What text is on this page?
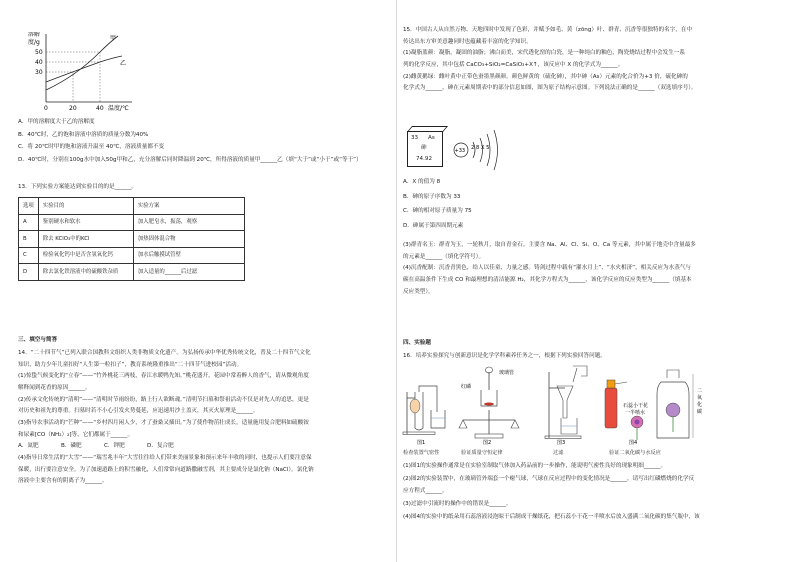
溶解
度/g
50
40
30
0	20	40 温度/℃
甲
乙
A．甲的溶解度大于乙的溶解度
B．40℃时，乙的饱和溶液中溶质的质量分数为40%
C．将 20℃时甲的饱和溶液升温至 40℃，溶液质量都不变
D．40℃时，分别在100g水中加入50g甲和乙，充分溶解后同时降温到 20℃，所得溶液的质量甲______乙（填“大于”或“小于”或“等于”）
13．下列实验方案能达到实验目的的是______。
选项	实验目的	实验方案
A	鉴别硬水和软水	加入肥皂水，振荡，观察
B	除去 KClO₃中的KCl	加热固体混合物
C	检验氧化钙中是否含氢氧化钙	加水后触摸试管壁
D	除去氯化铁溶液中的硫酸铁杂质	加入适量的______后过滤
三、填空与简答
14．“二十四节气”已列入联合国教科文组织人类非物质文化遗产。为弘扬传承中华优秀传统文化，普及二十四节气文化
知识，助力少年儿童扣好“人生第一粒扣子”，教育系统隆重推出“二十四节气进校园”活动。
(1)惊蛰气候变化的“立春”——“竹外桃花三两枝，春江水暖鸭先知。”桃花盛开，花园中常着醉人的香气，请从微观角度
解释闻到花香的原因______。
(2)传承文化传统的“清明”——“清明时节雨纷纷，路上行人欲断魂。”清明节扫墓和祭祖活动不仅是对先人的追思，更是
对历史和祖先的尊重。扫墓时若不小心引发火势蔓延，应迅速用沙土盖灭，其灭火原理是______。
(3)指导农事活动的“芒种”——“乡村四月闲人少，才了蚕桑又插田。”为了使作物茁壮成长，适量施用复合肥料如硫酸铵
和尿素[CO（NH₂）₂]等，它们都属于______。
A．氮肥　　　　B．磷肥　　　　C．钾肥　　　　D．复合肥
(4)指导日常生活的“大雪”——“瑞雪兆丰年”大雪往往给人们带来美丽景象和预示来年丰收的同时，也提示人们要注意保
保暖，出行要注意安全。为了加速道路上的积雪融化，人们常常向道路撒融雪剂，其主要成分是氯化钠（NaCl）。氯化钠
溶液中主要含有的阴离子为______。
15．中国古人从自然万物、天地四时中发现了色彩，并赋予如毛、黄（zōng）叶、群青、沉香等很独特的名字，在中
传达出东方审美意趣同时也蕴藏着丰富的化学知识。
(1)凝脂蓝颜：凝脂，凝固的油脂；沸白而美，宋代透化窑的白瓷，是一种纯白的釉色，陶瓷烧结过程中会发生一系
列的化学反应，其中包括 CaCO₃+SiO₂=CaSiO₃+X↑，该反应中 X 的化学式为______。
(2)雌黄鹅绿：雌叶黄中正带色蚕墨黑颜颜。颜色鲜黄的（硫化砷），其中砷（As）元素的化合价为+3 价，硫化砷的
化学式为______，砷在元素周期表中的部分信息如图，图为原子结构示意图。下列说法正确的是______（双选填序号）。
33 As
砷
74.92
+33 2 8 X 5
A．X 的值为 8
B．砷的原子序数为 33
C．砷的相对原子质量为 75
D．砷属于第四周期元素
(3)群青名玉：群青为玉，一轮秋月，取自青金石。主要含 Na、Al、Cl、Si、O、Ca 等元素，其中属于地壳中含量最多
的元素是______（填化学符号）。
(4)沉香配制：沉香青黑色，给人以佳童、力量之感。铸剑过程中载有“灌水月上”、“水火相济”，相关反应为水蒸气与
碳在高温条件下生成 CO 和最理想的清洁能源 H₂，其化学方程式为______，该化学反应的反应类型为______（填基本
反应类型）。
四、实验题
16．培养实验探究与创新意识是化学学科素养任务之一，根据下列实验回答问题。
玻璃管
红磷
石蕊小干花 一半喷水
二 氧 化 碳
图1	图2	图3	图4
检查装置气密性	验证质量守恒定律	过滤	验证二氧化碳与水反应
(1)图1的实验操作通常是在实验室制取气体加入药品前的一步操作，能说明气密性良好的现象明细______。
(2)图2的实验装置中，在玻璃管外端套一个瘪气球，气球在反应过程中的变化情况是______，请写出红磷燃烧的化学反
应方程式______。
(3)过滤中引流时的操作中的错误是______。
(4)图4的实验中的纸朵用石蕊溶液浸泡晾干后制成干燥纸花，把石蕊小干花一半喷水后放入盛满二氧化碳的集气瓶中，该
